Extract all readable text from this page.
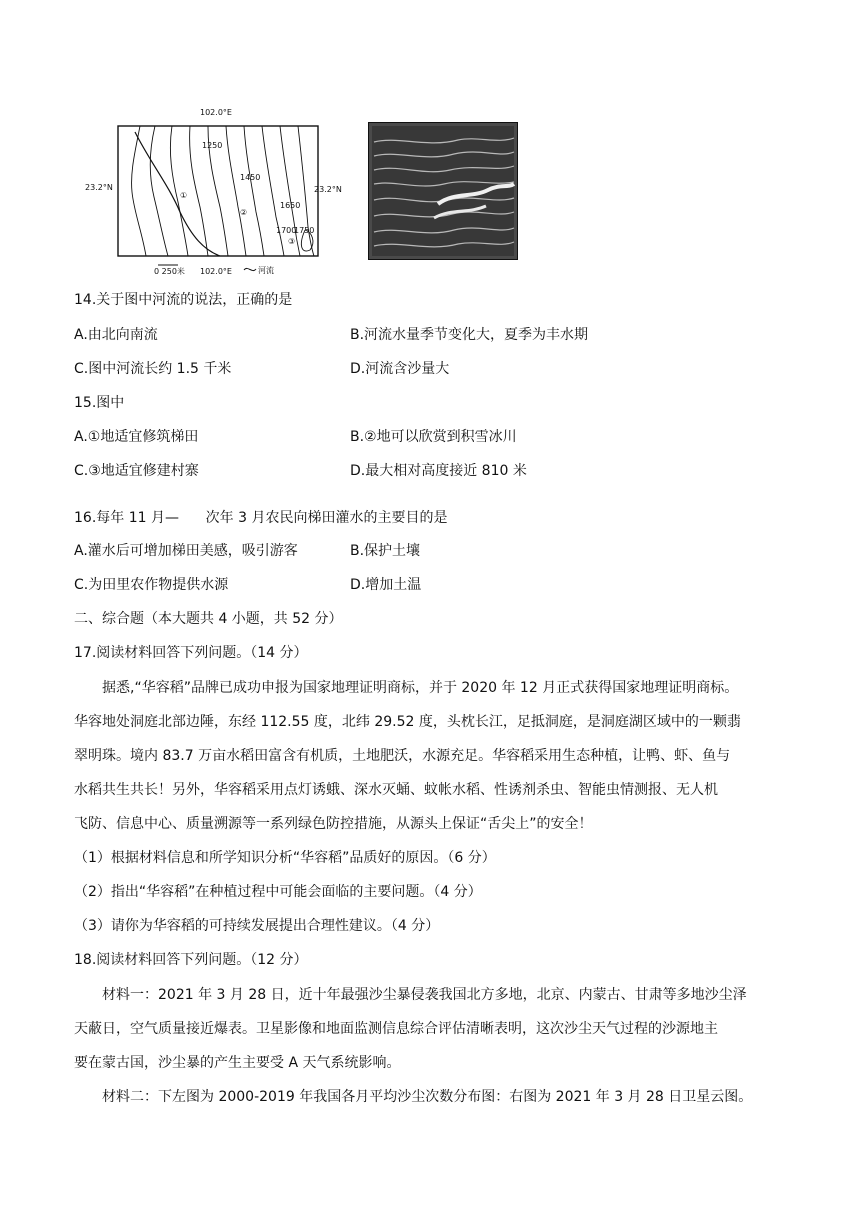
102.0°E
23.2°N	23.2°N
1250
1450
1650
1700
1750
①
②
③
0 250米 102.0°E	河流
14.关于图中河流的说法，正确的是
A.由北向南流	B.河流水量季节变化大，夏季为丰水期
C.图中河流长约 1.5 千米	D.河流含沙量大
15.图中
A.①地适宜修筑梯田	B.②地可以欣赏到积雪冰川
C.③地适宜修建村寨	D.最大相对高度接近 810 米
16.每年 11 月—      次年 3 月农民向梯田灌水的主要目的是
A.灌水后可增加梯田美感，吸引游客	B.保护土壤
C.为田里农作物提供水源	D.增加土温
二、综合题（本大题共 4 小题，共 52 分）
17.阅读材料回答下列问题。（14 分）
据悉,“华容稻”品牌已成功申报为国家地理证明商标，并于 2020 年 12 月正式获得国家地理证明商标。
华容地处洞庭北部边陲，东经 112.55 度，北纬 29.52 度，头枕长江，足抵洞庭，是洞庭湖区域中的一颗翡
翠明珠。境内 83.7 万亩水稻田富含有机质，土地肥沃，水源充足。华容稻采用生态种植，让鸭、虾、鱼与
水稻共生共长！另外，华容稻采用点灯诱蛾、深水灭蛹、蚊帐水稻、性诱剂杀虫、智能虫情测报、无人机
飞防、信息中心、质量溯源等一系列绿色防控措施，从源头上保证“舌尖上”的安全！
（1）根据材料信息和所学知识分析“华容稻”品质好的原因。（6 分）
（2）指出“华容稻”在种植过程中可能会面临的主要问题。（4 分）
（3）请你为华容稻的可持续发展提出合理性建议。（4 分）
18.阅读材料回答下列问题。（12 分）
材料一：2021 年 3 月 28 日，近十年最强沙尘暴侵袭我国北方多地，北京、内蒙古、甘肃等多地沙尘泽
天蔽日，空气质量接近爆表。卫星影像和地面监测信息综合评估清晰表明，这次沙尘天气过程的沙源地主
要在蒙古国，沙尘暴的产生主要受 A 天气系统影响。
材料二：下左图为 2000-2019 年我国各月平均沙尘次数分布图：右图为 2021 年 3 月 28 日卫星云图。
